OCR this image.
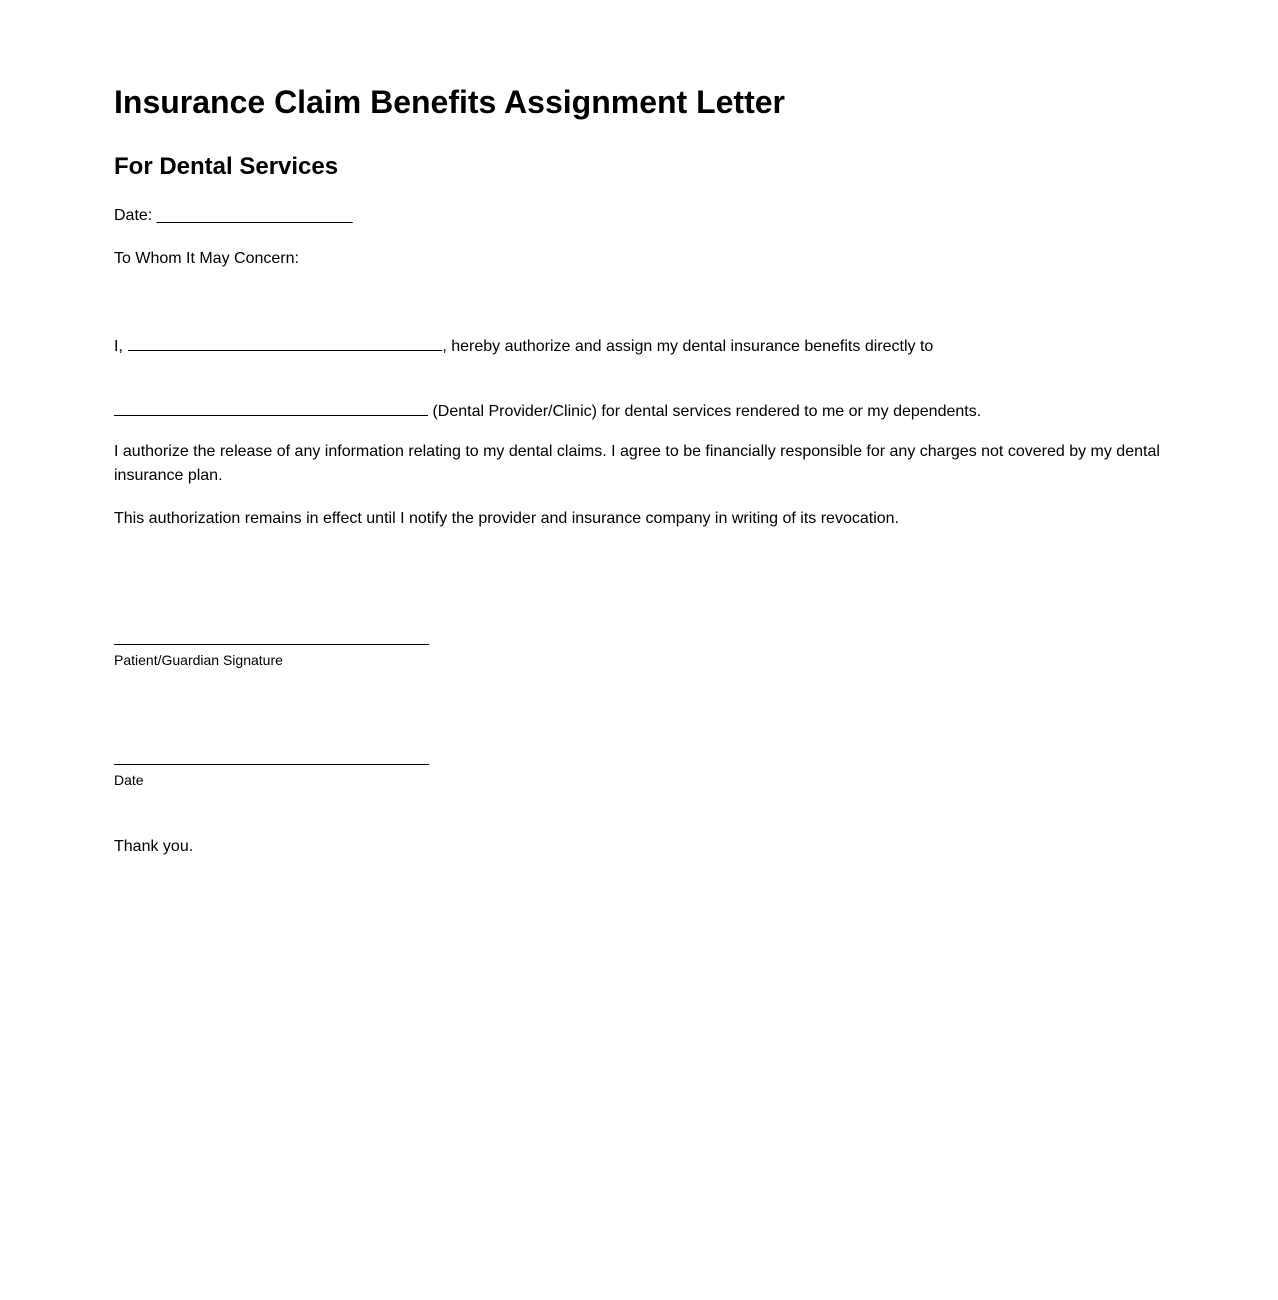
Insurance Claim Benefits Assignment Letter
For Dental Services
Date: ______________________
To Whom It May Concern:
I,	, hereby authorize and assign my dental insurance benefits directly to
(Dental Provider/Clinic) for dental services rendered to me or my dependents.
I authorize the release of any information relating to my dental claims. I agree to be financially responsible for any charges not covered by my dental insurance plan.
This authorization remains in effect until I notify the provider and insurance company in writing of its revocation.
Patient/Guardian Signature
Date
Thank you.
